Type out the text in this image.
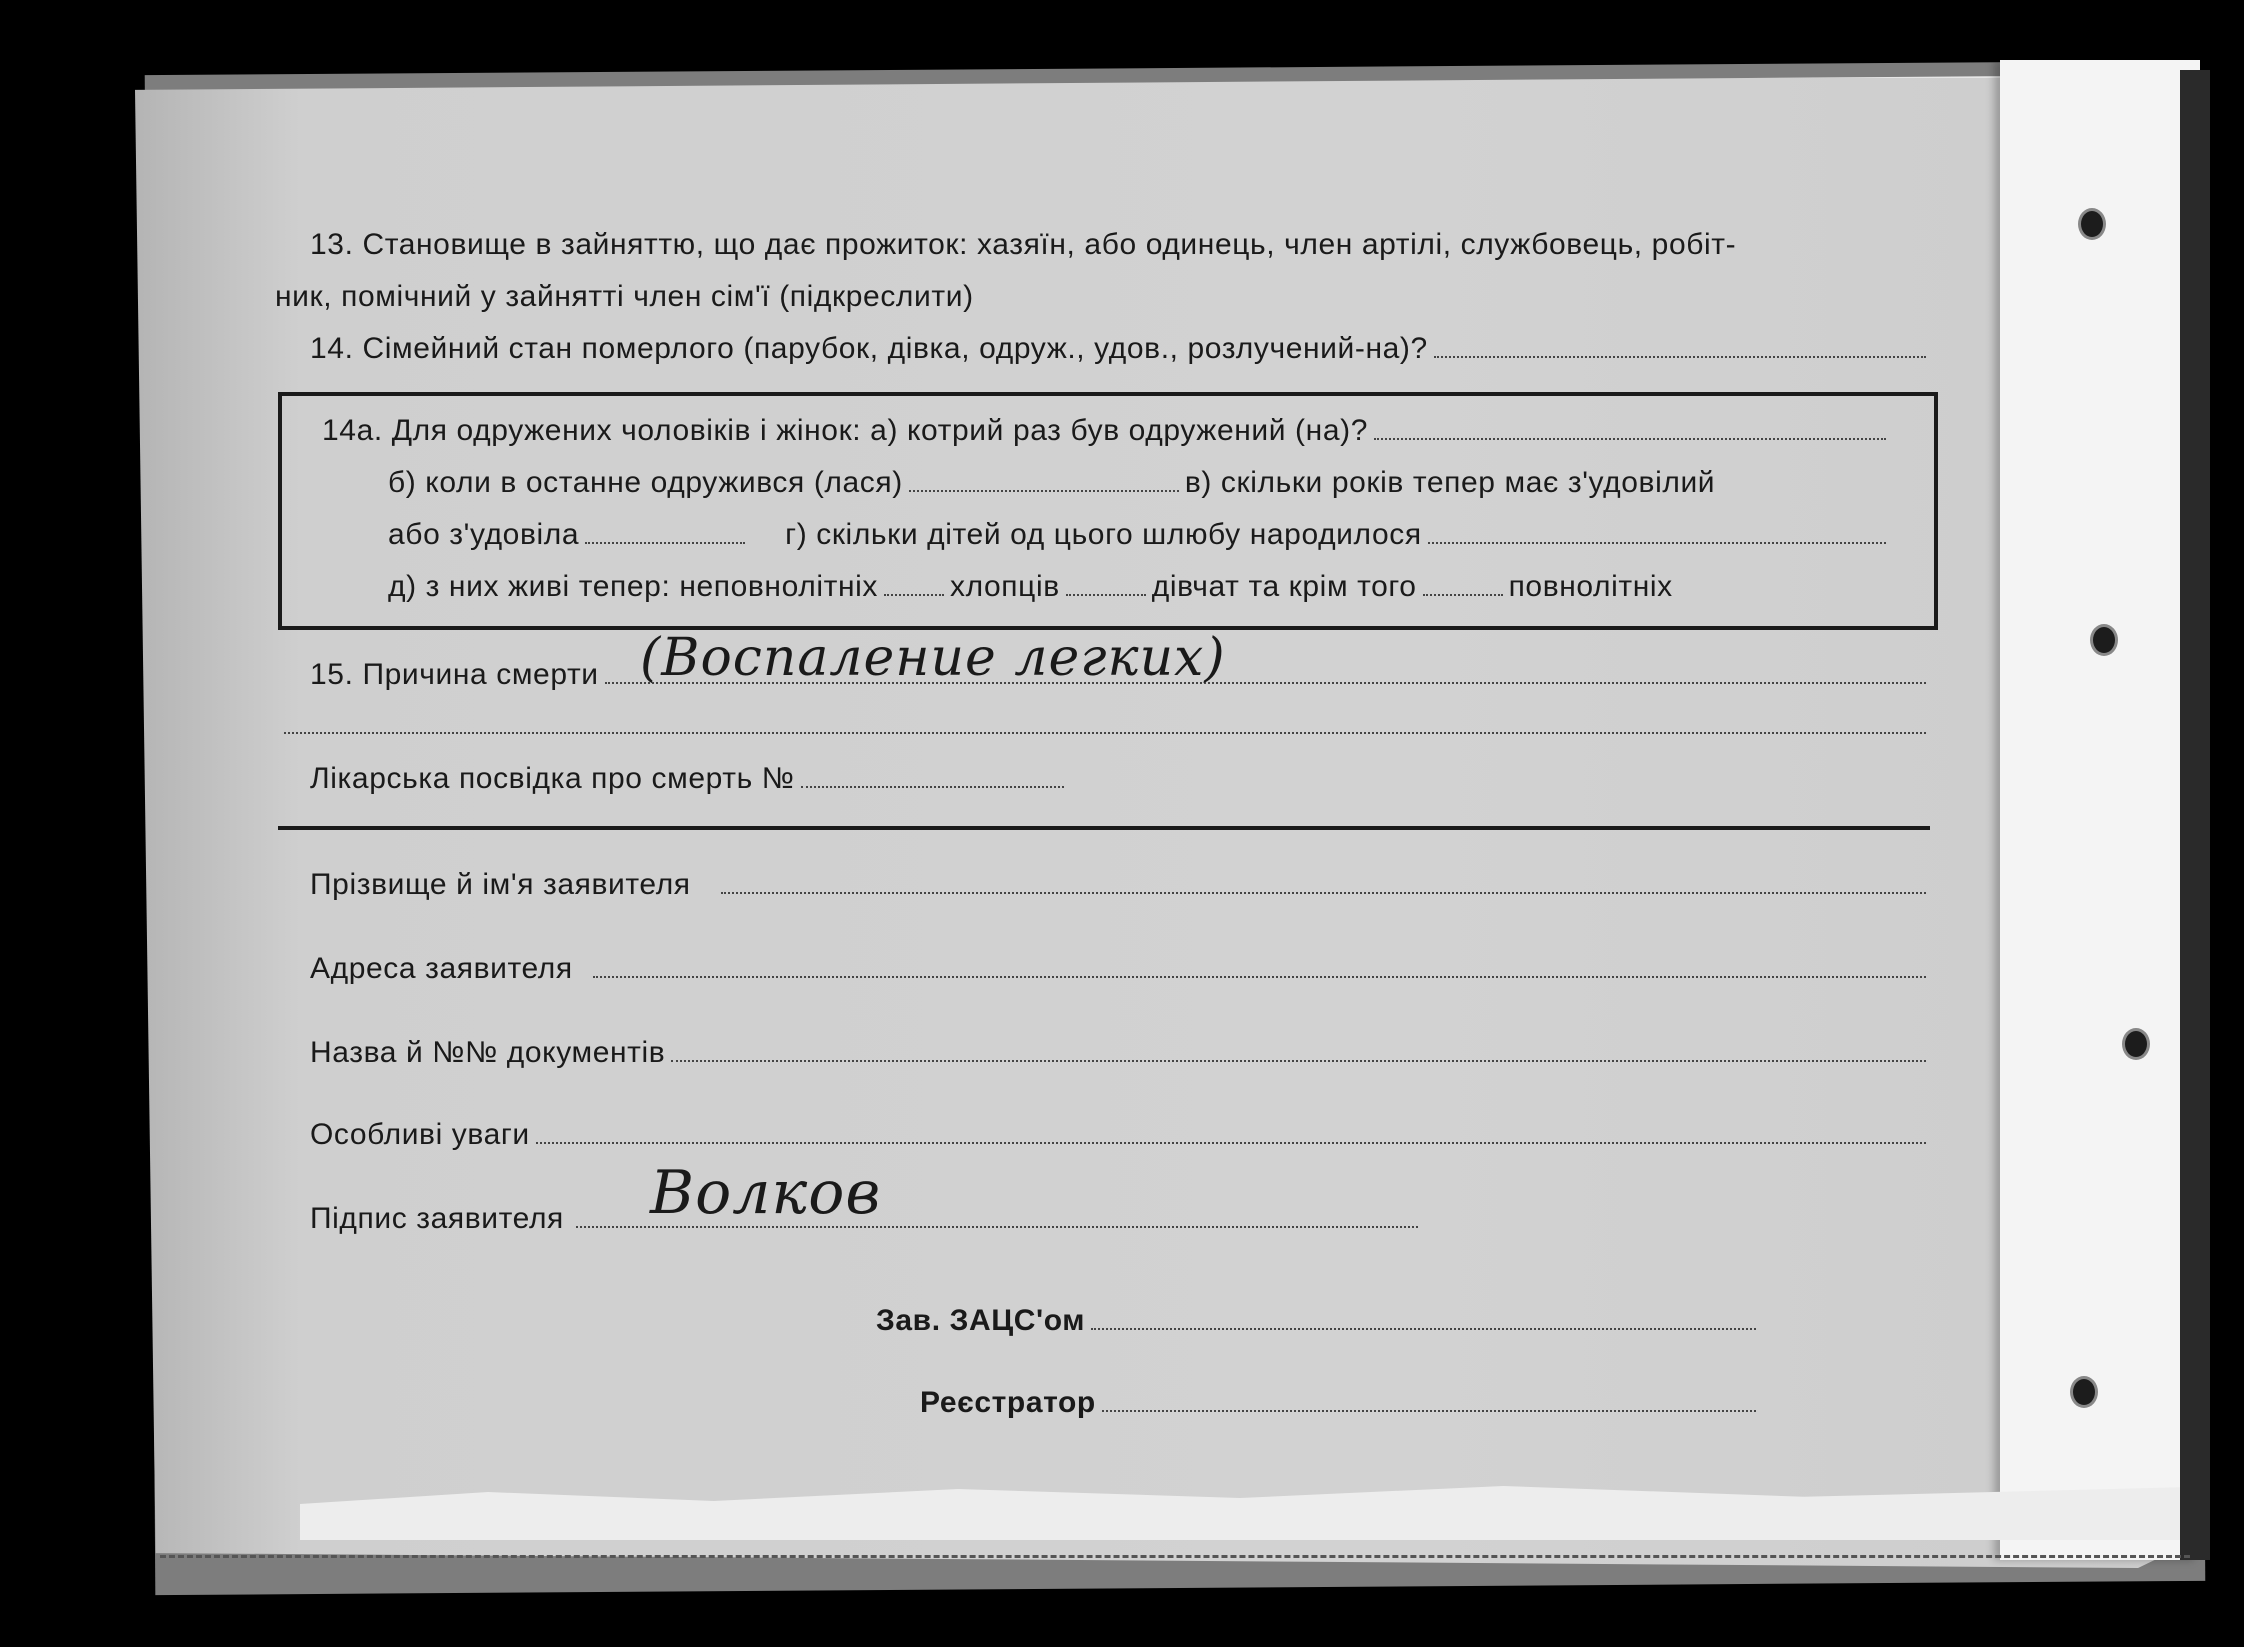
13. Становище в зайняттю, що дає прожиток: хазяїн, або одинець, член артілі, службовець, робіт-
ник, помічний у зайнятті член сім'ї (підкреслити)
14. Сімейний стан померлого (парубок, дівка, одруж., удов., розлучений-на)?
14а. Для одружених чоловіків і жінок: а) котрий раз був одружений (на)?
б) коли в останне одружився (лася)	в) скільки років тепер має з'удовілий
або з'удовіла	г) скільки дітей од цього шлюбу народилося
д) з них живі тепер: неповнолітніх хлопців	дівчат та крім того	повнолітніх
15. Причина смерти (Воспаление легких)
Лікарська посвідка про смерть №
Прізвище й ім'я заявителя
Адреса заявителя
Назва й №№ документів
Особливі уваги
Підпис заявителя Волков
Зав. ЗАЦС'ом
Реєстратор
